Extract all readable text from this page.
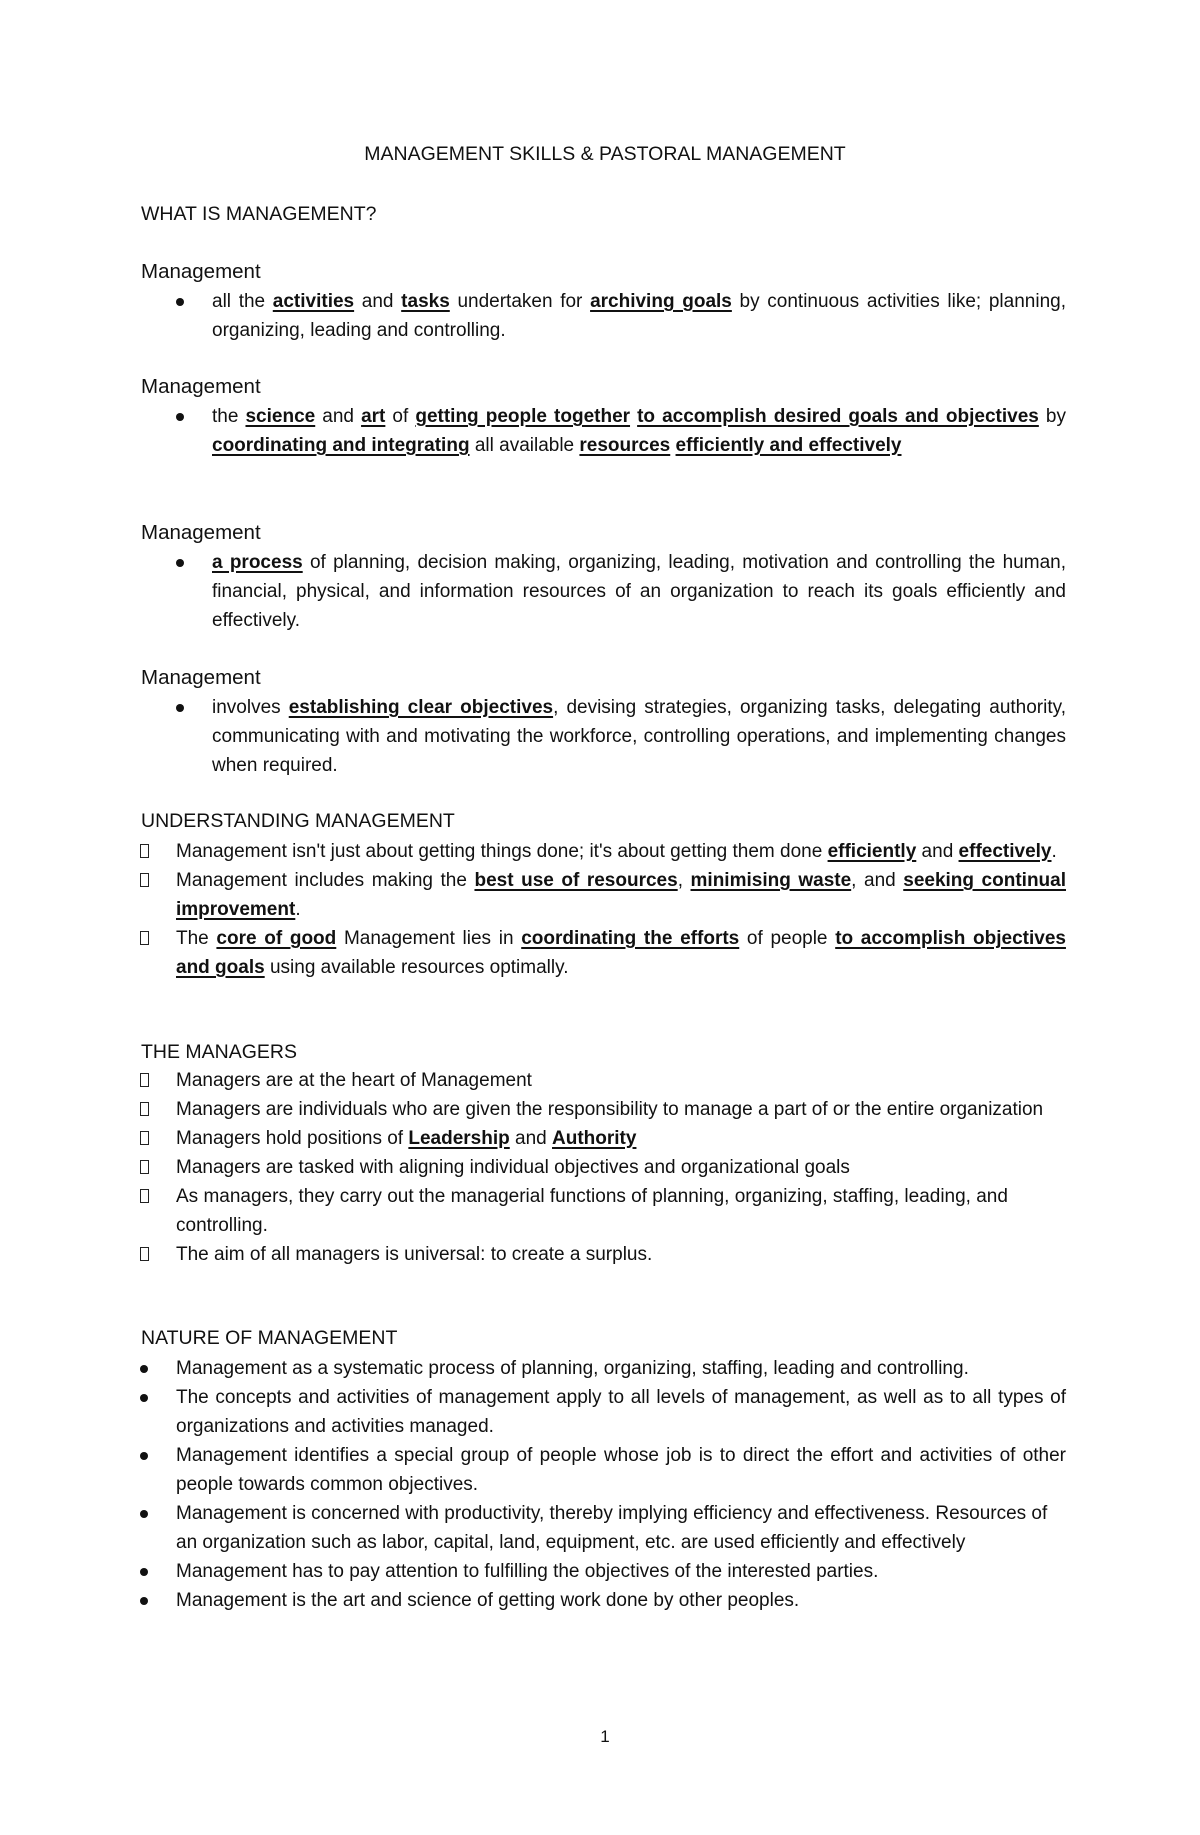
MANAGEMENT SKILLS & PASTORAL MANAGEMENT
WHAT IS MANAGEMENT?
Management
all the activities and tasks undertaken for archiving goals by continuous activities like; planning, organizing, leading and controlling.
Management
the science and art of getting people together to accomplish desired goals and objectives by coordinating and integrating all available resources efficiently and effectively
Management
a process of planning, decision making, organizing, leading, motivation and controlling the human, financial, physical, and information resources of an organization to reach its goals efficiently and effectively.
Management
involves establishing clear objectives, devising strategies, organizing tasks, delegating authority, communicating with and motivating the workforce, controlling operations, and implementing changes when required.
UNDERSTANDING MANAGEMENT
Management isn't just about getting things done; it's about getting them done efficiently and effectively.
Management includes making the best use of resources, minimising waste, and seeking continual improvement.
The core of good Management lies in coordinating the efforts of people to accomplish objectives and goals using available resources optimally.
THE MANAGERS
Managers are at the heart of Management
Managers are individuals who are given the responsibility to manage a part of or the entire organization
Managers hold positions of Leadership and Authority
Managers are tasked with aligning individual objectives and organizational goals
As managers, they carry out the managerial functions of planning, organizing, staffing, leading, and controlling.
The aim of all managers is universal: to create a surplus.
NATURE OF MANAGEMENT
Management as a systematic process of planning, organizing, staffing, leading and controlling.
The concepts and activities of management apply to all levels of management, as well as to all types of organizations and activities managed.
Management identifies a special group of people whose job is to direct the effort and activities of other people towards common objectives.
Management is concerned with productivity, thereby implying efficiency and effectiveness. Resources of an organization such as labor, capital, land, equipment, etc. are used efficiently and effectively
Management has to pay attention to fulfilling the objectives of the interested parties.
Management is the art and science of getting work done by other peoples.
1
